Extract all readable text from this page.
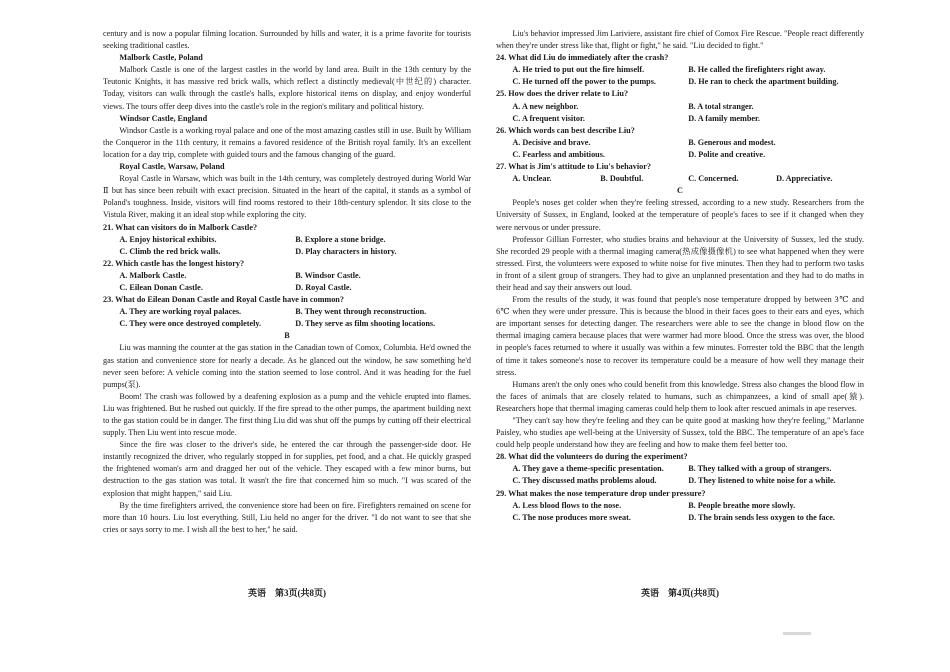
century and is now a popular filming location. Surrounded by hills and water, it is a prime favorite for tourists seeking traditional castles.

Malbork Castle, Poland

Malbork Castle is one of the largest castles in the world by land area. Built in the 13th century by the Teutonic Knights, it has massive red brick walls, which reflect a distinctly medieval(中世纪的) character. Today, visitors can walk through the castle's halls, explore historical items on display, and enjoy wonderful views. The tours offer deep dives into the castle's role in the region's military and political history.

Windsor Castle, England

Windsor Castle is a working royal palace and one of the most amazing castles still in use. Built by William the Conqueror in the 11th century, it remains a favored residence of the British royal family. It's an excellent location for a day trip, complete with guided tours and the famous changing of the guard.

Royal Castle, Warsaw, Poland

Royal Castle in Warsaw, which was built in the 14th century, was completely destroyed during World War Ⅱ but has since been rebuilt with exact precision. Situated in the heart of the capital, it stands as a symbol of Poland's toughness. Inside, visitors will find rooms restored to their 18th-century splendor. It sits close to the Vistula River, making it an ideal stop while exploring the city.

21. What can visitors do in Malbork Castle?

A. Enjoy historical exhibits.	B. Explore a stone bridge.
C. Climb the red brick walls.	D. Play characters in history.

22. Which castle has the longest history?

A. Malbork Castle.	B. Windsor Castle.
C. Eilean Donan Castle.	D. Royal Castle.

23. What do Eilean Donan Castle and Royal Castle have in common?

A. They are working royal palaces.	B. They went through reconstruction.
C. They were once destroyed completely.	D. They serve as film shooting locations.

B

Liu was manning the counter at the gas station in the Canadian town of Comox, Columbia. He'd owned the gas station and convenience store for nearly a decade. As he glanced out the window, he saw something he'd never seen before: A vehicle coming into the station seemed to lose control. And it was heading for the fuel pumps(泵).

Boom! The crash was followed by a deafening explosion as a pump and the vehicle erupted into flames. Liu was frightened. But he rushed out quickly. If the fire spread to the other pumps, the apartment building next to the gas station could be in danger. The first thing Liu did was shut off the pumps by cutting off their electrical supply. Then Liu went into rescue mode.

Since the fire was closer to the driver's side, he entered the car through the passenger-side door. He instantly recognized the driver, who regularly stopped in for supplies, pet food, and a chat. He quickly grasped the frightened woman's arm and dragged her out of the vehicle. They escaped with a few minor burns, but destruction to the gas station was total. It wasn't the fire that concerned him so much. "I was scared of the explosion that might happen," said Liu.

By the time firefighters arrived, the convenience store had been on fire. Firefighters remained on scene for more than 10 hours. Liu lost everything. Still, Liu held no anger for the driver. "I do not want to see that she cries or says sorry to me. I wish all the best to her," he said.

英语　第3页(共8页)

Liu's behavior impressed Jim Lariviere, assistant fire chief of Comox Fire Rescue. "People react differently when they're under stress like that, flight or fight," he said. "Liu decided to fight."

24. What did Liu do immediately after the crash?

A. He tried to put out the fire himself.	B. He called the firefighters right away.
C. He turned off the power to the pumps.	D. He ran to check the apartment building.

25. How does the driver relate to Liu?

A. A new neighbor.	B. A total stranger.
C. A frequent visitor.	D. A family member.

26. Which words can best describe Liu?

A. Decisive and brave.	B. Generous and modest.
C. Fearless and ambitious.	D. Polite and creative.

27. What is Jim's attitude to Liu's behavior?

A. Unclear.	B. Doubtful.	C. Concerned.	D. Appreciative.

C

People's noses get colder when they're feeling stressed, according to a new study. Researchers from the University of Sussex, in England, looked at the temperature of people's faces to see if it changed when they were nervous or under pressure.

Professor Gillian Forrester, who studies brains and behaviour at the University of Sussex, led the study. She recorded 29 people with a thermal imaging camera(热成像摄像机) to see what happened when they were stressed. First, the volunteers were exposed to white noise for five minutes. Then they had to perform two tasks in front of a silent group of strangers. They had to give an unplanned presentation and they had to do maths in their head and say their answers out loud.

From the results of the study, it was found that people's nose temperature dropped by between 3℃ and 6℃ when they were under pressure. This is because the blood in their faces goes to their ears and eyes, which are important senses for detecting danger. The researchers were able to see the change in blood flow on the thermal imaging camera because places that were warmer had more blood. Once the stress was over, the blood in people's faces returned to where it usually was within a few minutes. Forrester told the BBC that the length of time it takes someone's nose to recover its temperature could be a measure of how well they manage their stress.

Humans aren't the only ones who could benefit from this knowledge. Stress also changes the blood flow in the faces of animals that are closely related to humans, such as chimpanzees, a kind of small ape(猿). Researchers hope that thermal imaging cameras could help them to look after rescued animals in ape reserves.

"They can't say how they're feeling and they can be quite good at masking how they're feeling," Marlanne Paisley, who studies ape well-being at the University of Sussex, told the BBC. The temperature of an ape's face could help people understand how they are feeling and how to make them feel better too.

28. What did the volunteers do during the experiment?

A. They gave a theme-specific presentation.	B. They talked with a group of strangers.
C. They discussed maths problems aloud.	D. They listened to white noise for a while.

29. What makes the nose temperature drop under pressure?

A. Less blood flows to the nose.	B. People breathe more slowly.
C. The nose produces more sweat.	D. The brain sends less oxygen to the face.
英语　第4页(共8页)
